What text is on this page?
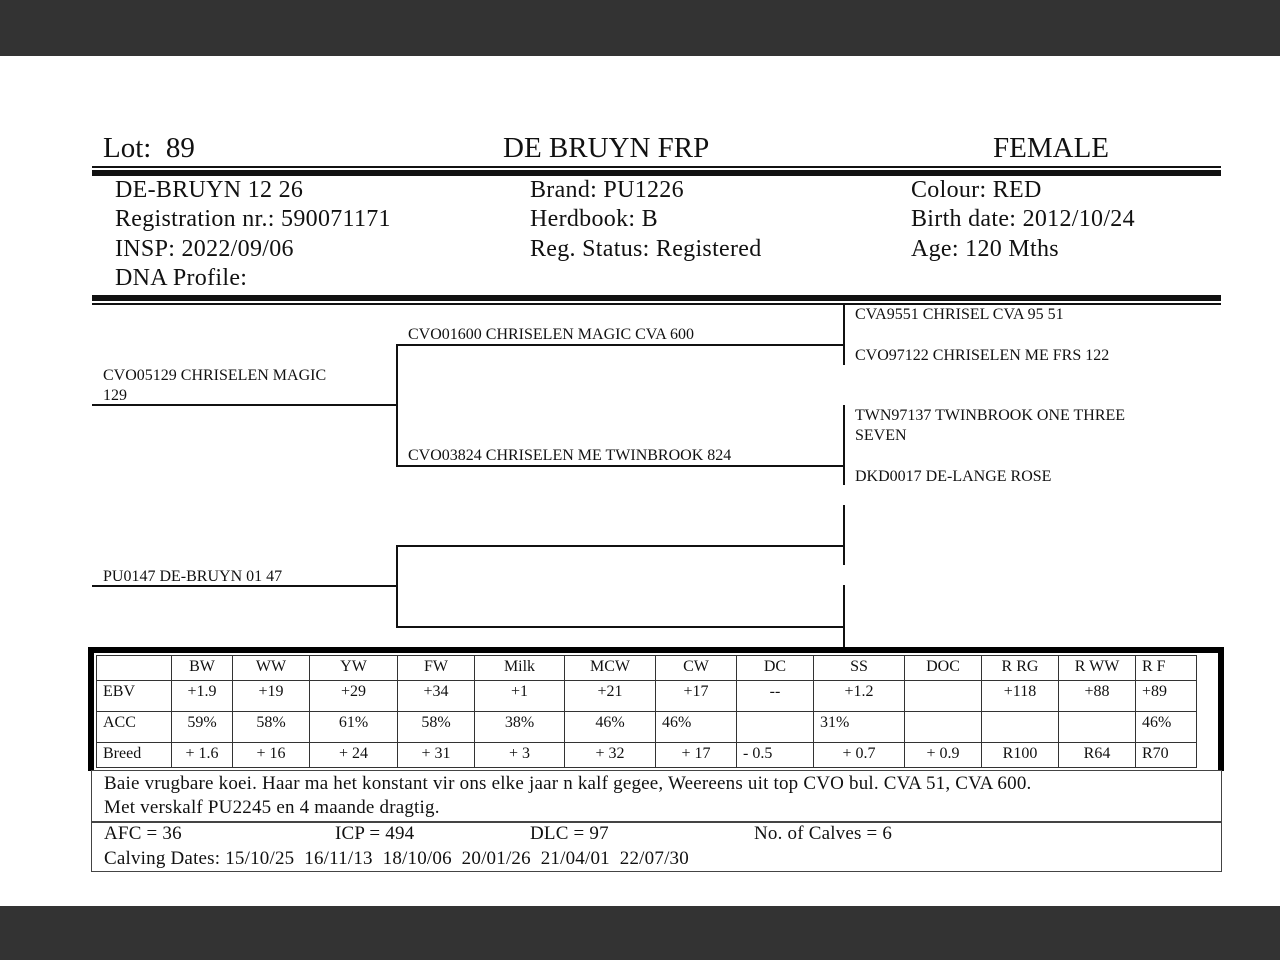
Lot: 89	DE BRUYN FRP	FEMALE
DE-BRUYN 12 26
Registration nr.: 590071171
INSP: 2022/09/06
DNA Profile:
Brand: PU1226
Herdbook: B
Reg. Status: Registered
Colour: RED
Birth date: 2012/10/24
Age: 120 Mths
CVO05129 CHRISELEN MAGIC
129
CVO01600 CHRISELEN MAGIC CVA 600
CVO03824 CHRISELEN ME TWINBROOK 824
CVA9551 CHRISEL CVA 95 51
CVO97122 CHRISELEN ME FRS 122
TWN97137 TWINBROOK ONE THREE
SEVEN
DKD0017 DE-LANGE ROSE
PU0147 DE-BRUYN 01 47
	BW	WW	YW	FW	Milk	MCW	CW	DC	SS	DOC	R RG	R WW	R F
EBV	+1.9	+19	+29	+34	+1	+21	+17	--	+1.2		+118	+88	+89
ACC	59%	58%	61%	58%	38%	46%	46%		31%				46%
Breed	+ 1.6	+ 16	+ 24	+ 31	+ 3	+ 32	+ 17	- 0.5	+ 0.7	+ 0.9	R100	R64	R70
Baie vrugbare koei. Haar ma het konstant vir ons elke jaar n kalf gegee, Weereens uit top CVO bul. CVA 51, CVA 600.
Met verskalf PU2245 en 4 maande dragtig.
AFC = 36	ICP = 494	DLC = 97	No. of Calves = 6
Calving Dates: 15/10/25  16/11/13  18/10/06  20/01/26  21/04/01  22/07/30
